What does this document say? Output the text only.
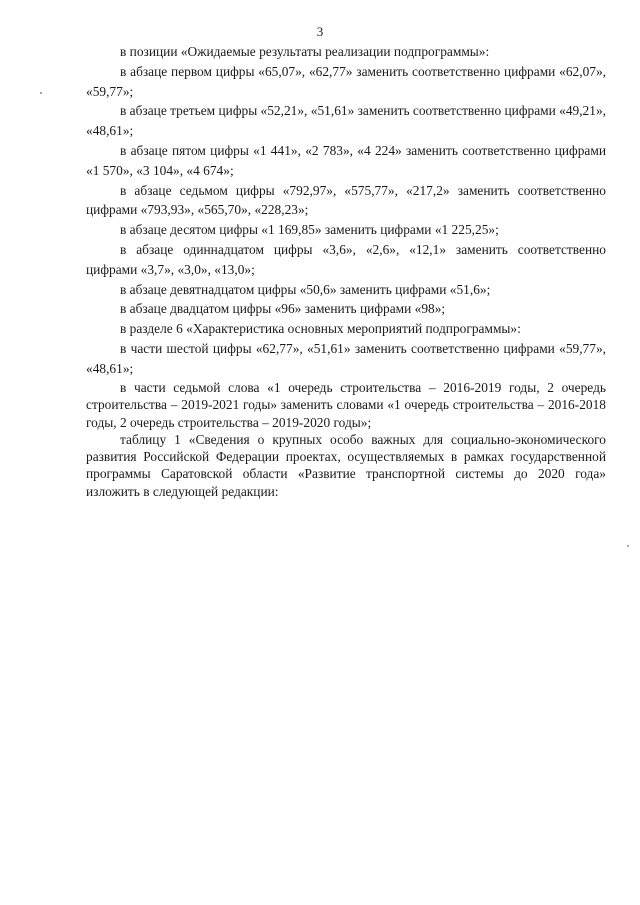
3

в позиции «Ожидаемые результаты реализации подпрограммы»:

в абзаце первом цифры «65,07», «62,77» заменить соответственно цифрами «62,07», «59,77»;

в абзаце третьем цифры «52,21», «51,61» заменить соответственно цифрами «49,21», «48,61»;

в абзаце пятом цифры «1 441», «2 783», «4 224» заменить соответственно цифрами «1 570», «3 104», «4 674»;

в абзаце седьмом цифры «792,97», «575,77», «217,2» заменить соответственно цифрами «793,93», «565,70», «228,23»;

в абзаце десятом цифры «1 169,85» заменить цифрами «1 225,25»;

в абзаце одиннадцатом цифры «3,6», «2,6», «12,1» заменить соответственно цифрами «3,7», «3,0», «13,0»;

в абзаце девятнадцатом цифры «50,6» заменить цифрами «51,6»;

в абзаце двадцатом цифры «96» заменить цифрами «98»;

в разделе 6 «Характеристика основных мероприятий подпрограммы»:

в части шестой цифры «62,77», «51,61» заменить соответственно цифрами «59,77», «48,61»;

в части седьмой слова «1 очередь строительства – 2016-2019 годы, 2 очередь строительства – 2019-2021 годы» заменить словами «1 очередь строительства – 2016-2018 годы, 2 очередь строительства – 2019-2020 годы»;

таблицу 1 «Сведения о крупных особо важных для социально-экономического развития Российской Федерации проектах, осуществляемых в рамках государственной программы Саратовской области «Развитие транспортной системы до 2020 года» изложить в следующей редакции:
